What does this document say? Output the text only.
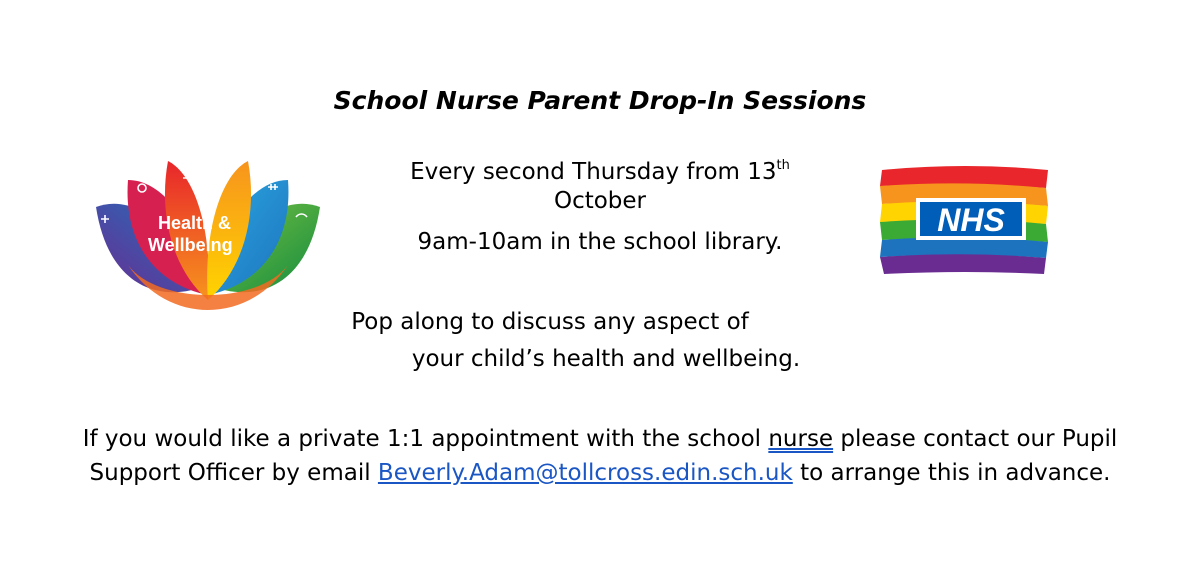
Health &
Wellbeing
NHS
School Nurse Parent Drop-In Sessions
Every second Thursday from 13th
October
9am-10am in the school library.
Pop along to discuss any aspect of
your child’s health and wellbeing.
If you would like a private 1:1 appointment with the school nurse please contact our Pupil
Support Officer by email Beverly.Adam@tollcross.edin.sch.uk to arrange this in advance.
